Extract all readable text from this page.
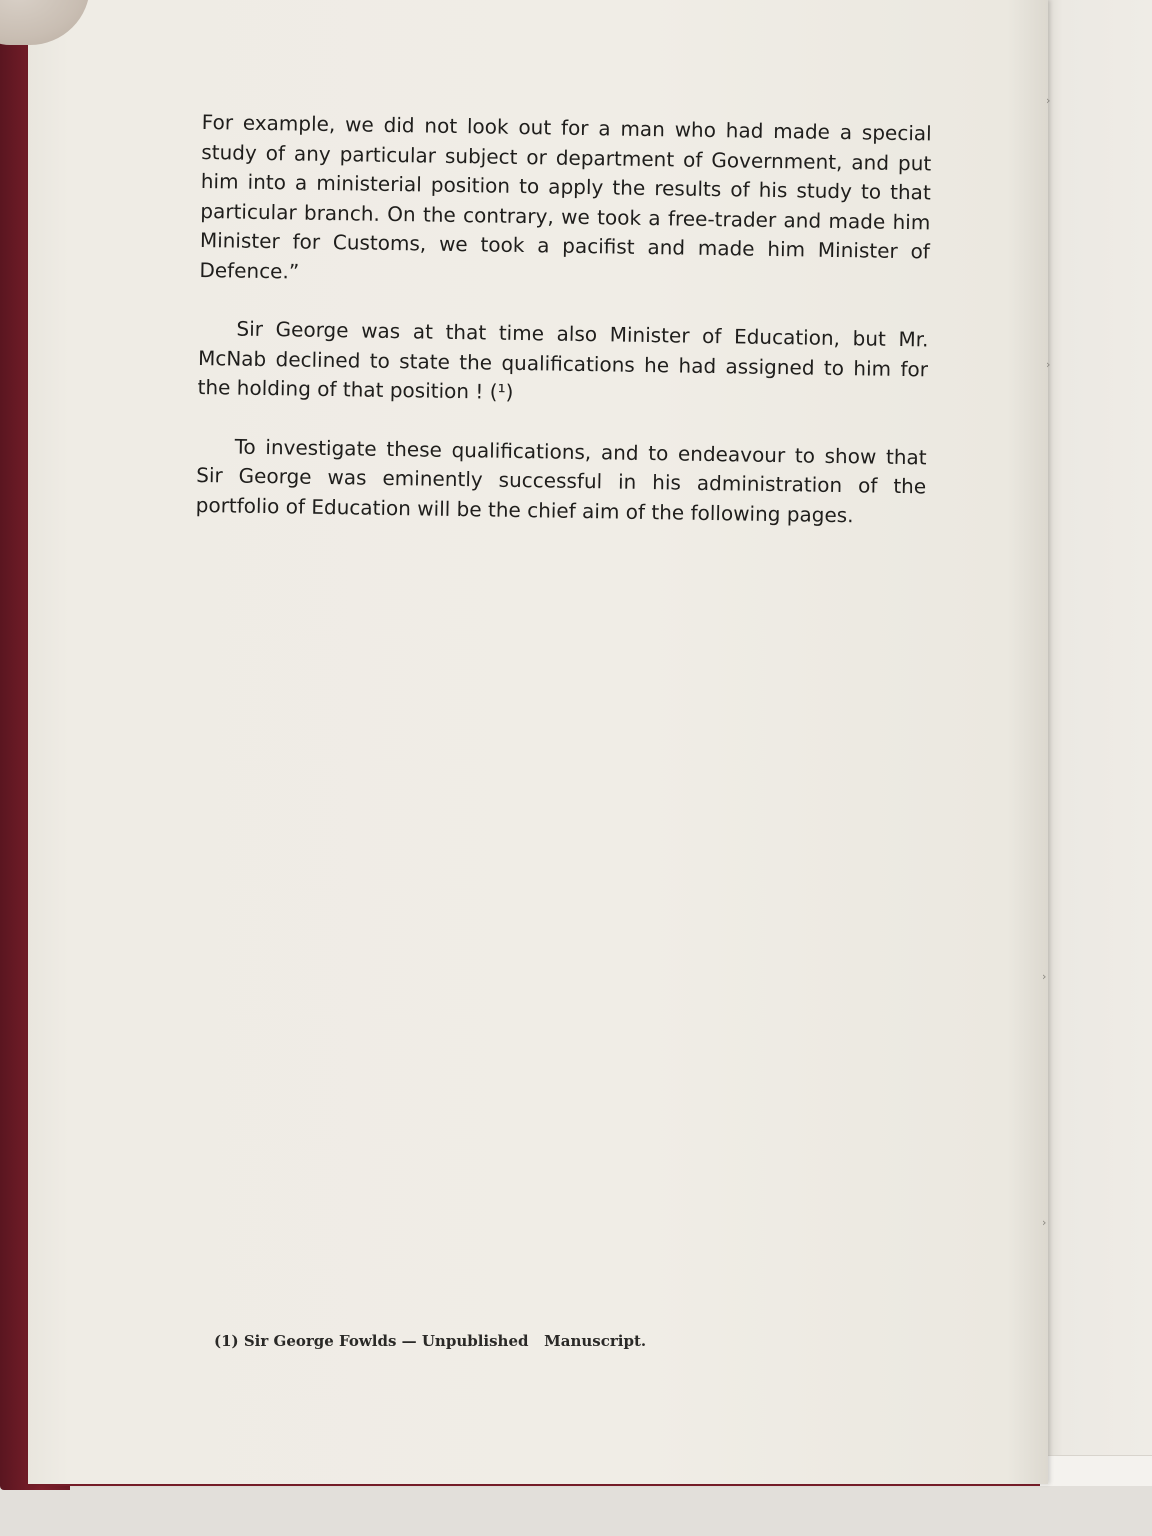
For example, we did not look out for a man who had made a special study of any particular subject or department of Government, and put him into a ministerial position to apply the results of his study to that particular branch. On the contrary, we took a free-trader and made him Minister for Customs, we took a pacifist and made him Minister of Defence.”

Sir George was at that time also Minister of Education, but Mr. McNab declined to state the qualifications he had assigned to him for the holding of that position ! (¹)

To investigate these qualifications, and to endeavour to show that Sir George was eminently successful in his administration of the portfolio of Education will be the chief aim of the following pages.

(1) Sir George Fowlds — Unpublished   Manuscript.
›
›
›
›
